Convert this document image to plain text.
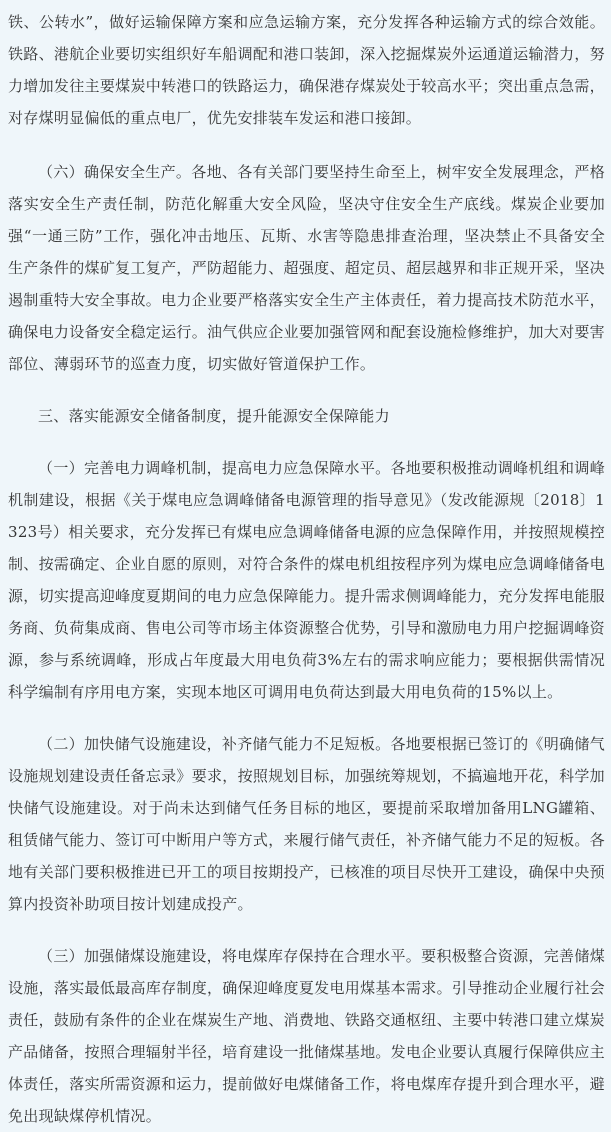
铁、公转水”，做好运输保障方案和应急运输方案，充分发挥各种运输方式的综合效能。铁路、港航企业要切实组织好车船调配和港口装卸，深入挖掘煤炭外运通道运输潜力，努力增加发往主要煤炭中转港口的铁路运力，确保港存煤炭处于较高水平；突出重点急需，对存煤明显偏低的重点电厂，优先安排装车发运和港口接卸。

（六）确保安全生产。各地、各有关部门要坚持生命至上，树牢安全发展理念，严格落实安全生产责任制，防范化解重大安全风险，坚决守住安全生产底线。煤炭企业要加强“一通三防”工作，强化冲击地压、瓦斯、水害等隐患排查治理，坚决禁止不具备安全生产条件的煤矿复工复产，严防超能力、超强度、超定员、超层越界和非正规开采，坚决遏制重特大安全事故。电力企业要严格落实安全生产主体责任，着力提高技术防范水平，确保电力设备安全稳定运行。油气供应企业要加强管网和配套设施检修维护，加大对要害部位、薄弱环节的巡查力度，切实做好管道保护工作。

三、落实能源安全储备制度，提升能源安全保障能力

（一）完善电力调峰机制，提高电力应急保障水平。各地要积极推动调峰机组和调峰机制建设，根据《关于煤电应急调峰储备电源管理的指导意见》（发改能源规〔2018〕1323号）相关要求，充分发挥已有煤电应急调峰储备电源的应急保障作用，并按照规模控制、按需确定、企业自愿的原则，对符合条件的煤电机组按程序列为煤电应急调峰储备电源，切实提高迎峰度夏期间的电力应急保障能力。提升需求侧调峰能力，充分发挥电能服务商、负荷集成商、售电公司等市场主体资源整合优势，引导和激励电力用户挖掘调峰资源，参与系统调峰，形成占年度最大用电负荷3%左右的需求响应能力；要根据供需情况科学编制有序用电方案，实现本地区可调用电负荷达到最大用电负荷的15%以上。

（二）加快储气设施建设，补齐储气能力不足短板。各地要根据已签订的《明确储气设施规划建设责任备忘录》要求，按照规划目标，加强统筹规划，不搞遍地开花，科学加快储气设施建设。对于尚未达到储气任务目标的地区，要提前采取增加备用LNG罐箱、租赁储气能力、签订可中断用户等方式，来履行储气责任，补齐储气能力不足的短板。各地有关部门要积极推进已开工的项目按期投产，已核准的项目尽快开工建设，确保中央预算内投资补助项目按计划建成投产。

（三）加强储煤设施建设，将电煤库存保持在合理水平。要积极整合资源，完善储煤设施，落实最低最高库存制度，确保迎峰度夏发电用煤基本需求。引导推动企业履行社会责任，鼓励有条件的企业在煤炭生产地、消费地、铁路交通枢纽、主要中转港口建立煤炭产品储备，按照合理辐射半径，培育建设一批储煤基地。发电企业要认真履行保障供应主体责任，落实所需资源和运力，提前做好电煤储备工作，将电煤库存提升到合理水平，避免出现缺煤停机情况。
